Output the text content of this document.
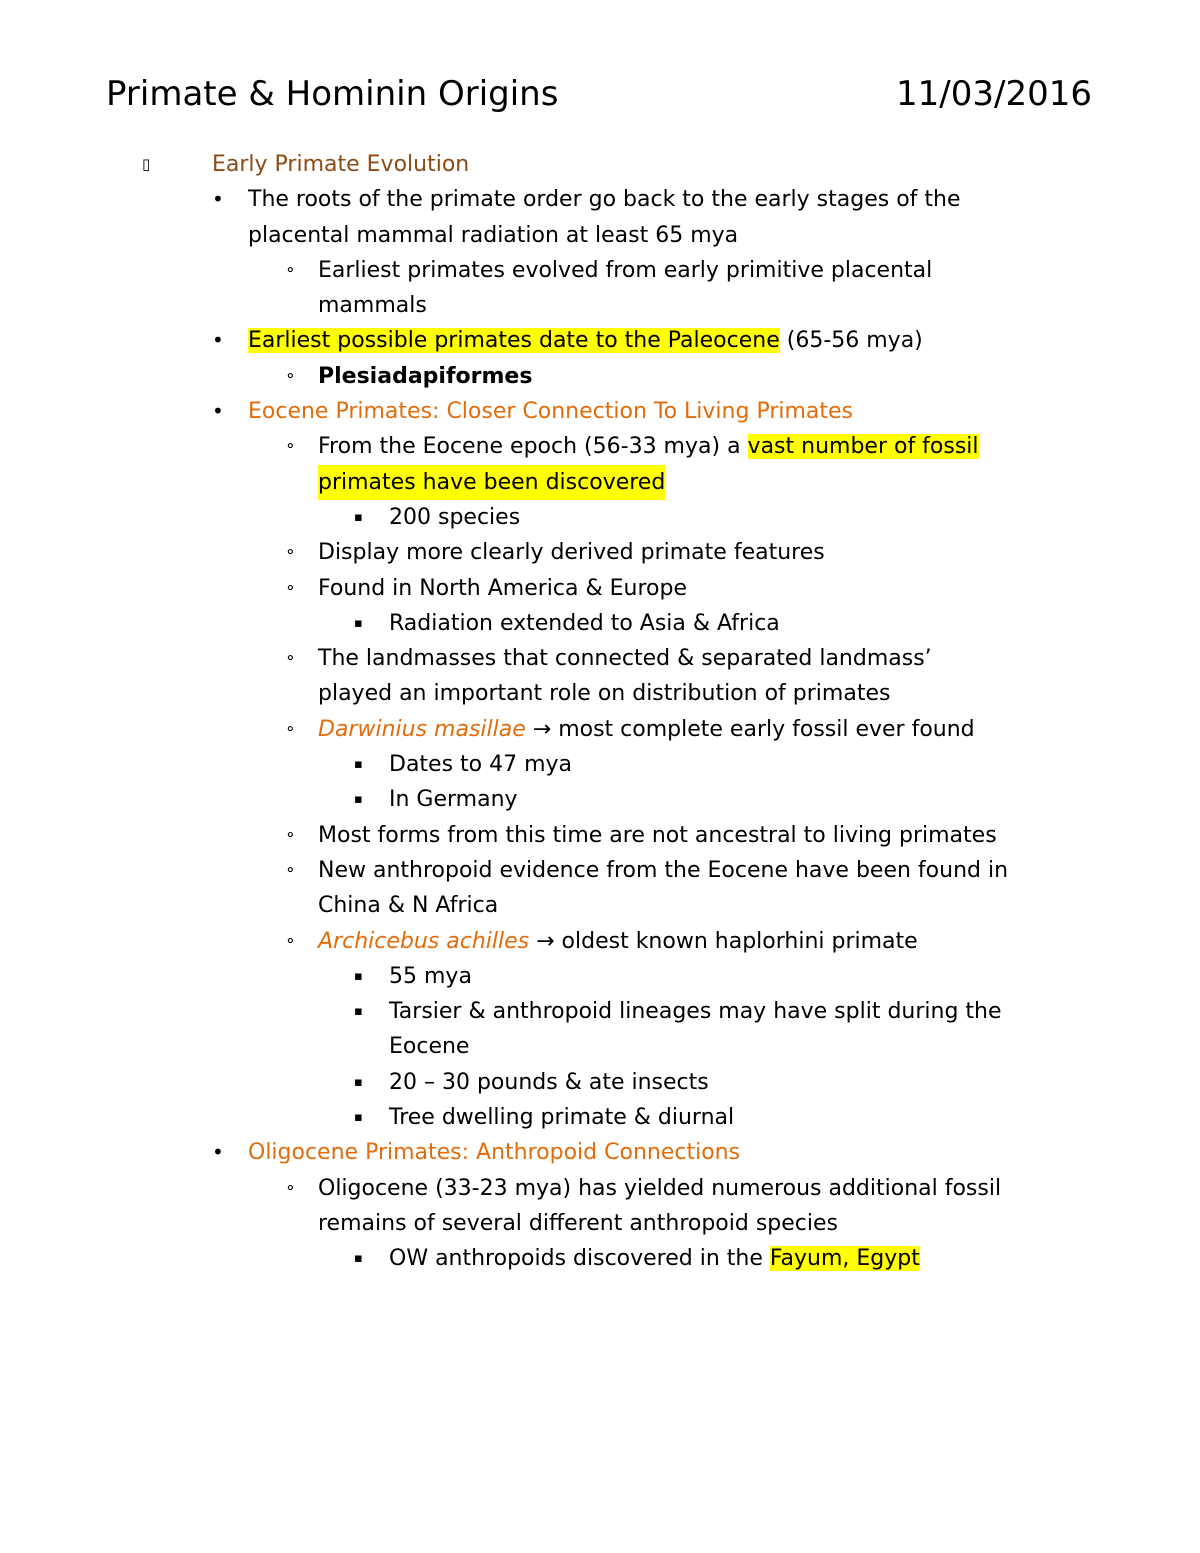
Primate & Hominin Origins	11/03/2016
▯	Early Primate Evolution
• The roots of the primate order go back to the early stages of the
placental mammal radiation at least 65 mya
⚬ Earliest primates evolved from early primitive placental
mammals
• Earliest possible primates date to the Paleocene (65-56 mya)
⚬ Plesiadapiformes
• Eocene Primates: Closer Connection To Living Primates
⚬ From the Eocene epoch (56-33 mya) a vast number of fossil
primates have been discovered
▪ 200 species
⚬ Display more clearly derived primate features
⚬ Found in North America & Europe
▪ Radiation extended to Asia & Africa
⚬ The landmasses that connected & separated landmass’
played an important role on distribution of primates
⚬ Darwinius masillae → most complete early fossil ever found
▪ Dates to 47 mya
▪ In Germany
⚬ Most forms from this time are not ancestral to living primates
⚬ New anthropoid evidence from the Eocene have been found in
China & N Africa
⚬ Archicebus achilles → oldest known haplorhini primate
▪ 55 mya
▪ Tarsier & anthropoid lineages may have split during the
Eocene
▪ 20 – 30 pounds & ate insects
▪ Tree dwelling primate & diurnal
• Oligocene Primates: Anthropoid Connections
⚬ Oligocene (33-23 mya) has yielded numerous additional fossil
remains of several different anthropoid species
▪ OW anthropoids discovered in the Fayum, Egypt
